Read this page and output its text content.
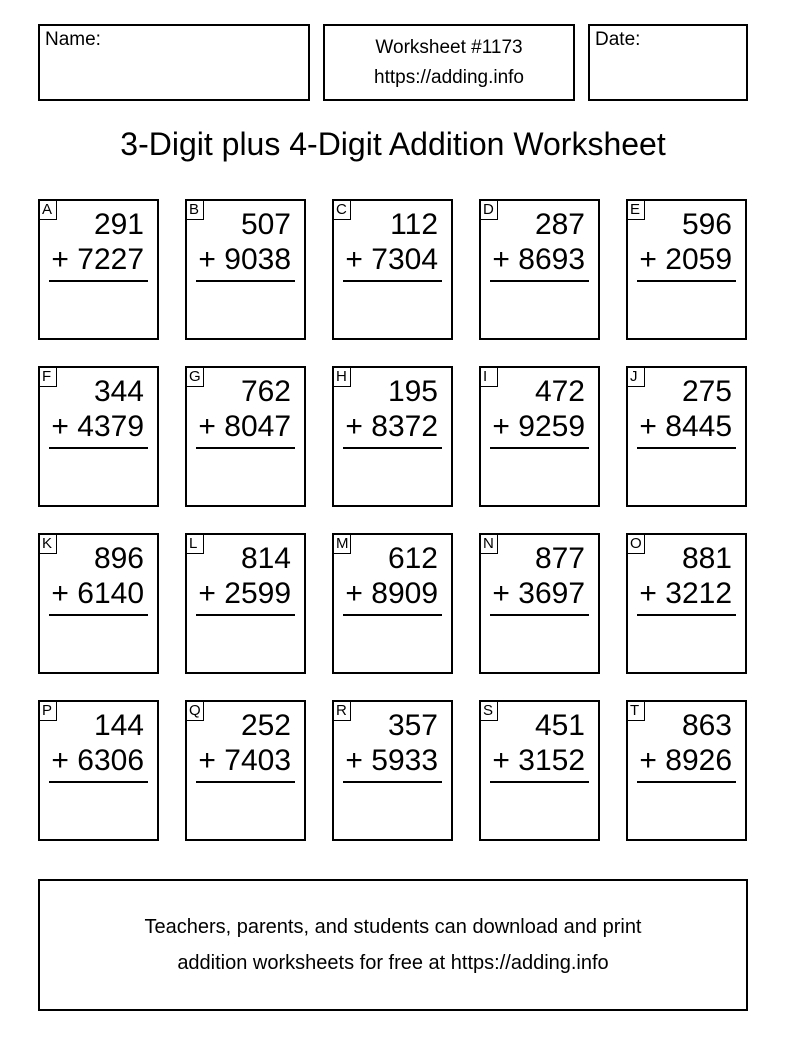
Name:	Worksheet #1173
https://adding.info
Date:
3-Digit plus 4-Digit Addition Worksheet
A 291
+ 7227
B 507
+ 9038
C 112
+ 7304
D 287
+ 8693
E 596
+ 2059
F 344
+ 4379
G 762
+ 8047
H 195
+ 8372
I	472
+ 9259
J 275
+ 8445
K 896
+ 6140
L 814
+ 2599
M 612
+ 8909
N 877
+ 3697
O 881
+ 3212
P 144
+ 6306
Q 252
+ 7403
R 357
+ 5933
S 451
+ 3152
T 863
+ 8926
Teachers, parents, and students can download and print
addition worksheets for free at https://adding.info
